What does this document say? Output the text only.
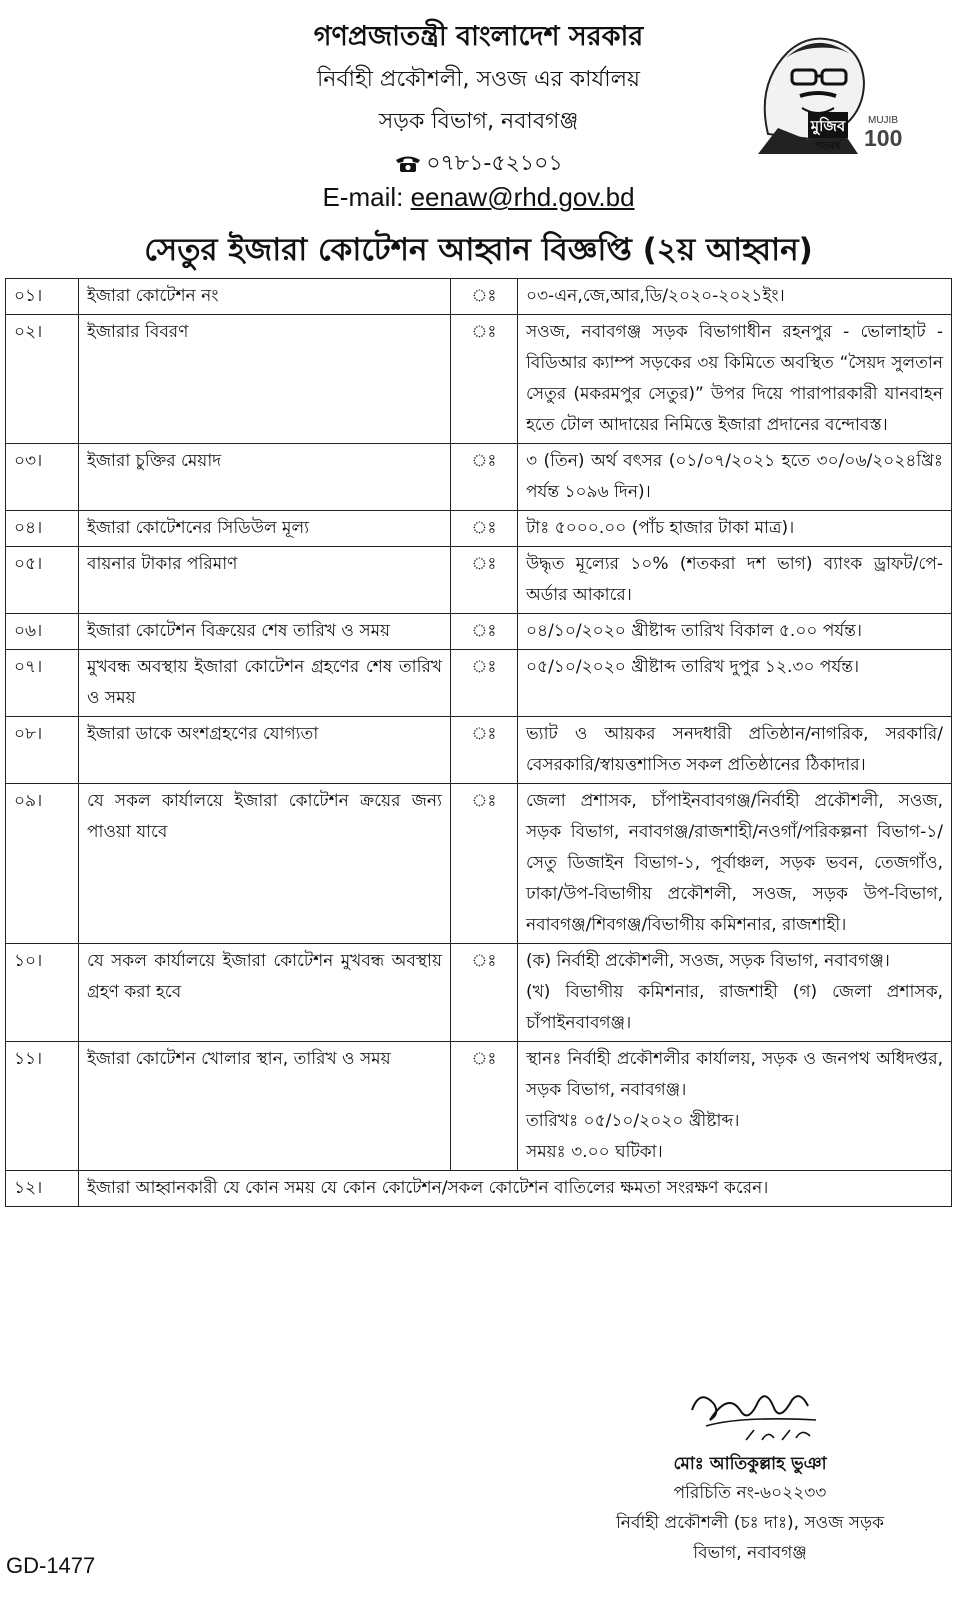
গণপ্রজাতন্ত্রী বাংলাদেশ সরকার
নির্বাহী প্রকৌশলী, সওজ এর কার্যালয়
সড়ক বিভাগ, নবাবগঞ্জ
০৭৮১-৫২১০১
E-mail: eenaw@rhd.gov.bd
সেতুর ইজারা কোটেশন আহ্বান বিজ্ঞপ্তি (২য় আহ্বান)
মুজিব
শতবর্ষ
MUJIB
100
০১।	ইজারা কোটেশন নং	ঃ	০৩-এন,জে,আর,ডি/২০২০-২০২১ইং।

০২।	ইজারার বিবরণ	ঃ	সওজ, নবাবগঞ্জ সড়ক বিভাগাধীন রহনপুর - ভোলাহাট - বিডিআর ক্যাম্প সড়কের ৩য় কিমিতে অবস্থিত “সৈয়দ সুলতান সেতুর (মকরমপুর সেতুর)” উপর দিয়ে পারাপারকারী যানবাহন হতে টোল আদায়ের নিমিত্তে ইজারা প্রদানের বন্দোবস্ত।

০৩।	ইজারা চুক্তির মেয়াদ	ঃ	৩ (তিন) অর্থ বৎসর (০১/০৭/২০২১ হতে ৩০/০৬/২০২৪খ্রিঃ পর্যন্ত ১০৯৬ দিন)।

০৪।	ইজারা কোটেশনের সিডিউল মূল্য	ঃ	টাঃ ৫০০০.০০ (পাঁচ হাজার টাকা মাত্র)।

০৫।	বায়নার টাকার পরিমাণ	ঃ	উদ্ধৃত মূল্যের ১০% (শতকরা দশ ভাগ) ব্যাংক ড্রাফট/পে-অর্ডার আকারে।

০৬।	ইজারা কোটেশন বিক্রয়ের শেষ তারিখ ও সময়	ঃ	০৪/১০/২০২০ খ্রীষ্টাব্দ তারিখ বিকাল ৫.০০ পর্যন্ত।

০৭।	মুখবন্ধ অবস্থায় ইজারা কোটেশন গ্রহণের শেষ তারিখ ও সময়	ঃ	০৫/১০/২০২০ খ্রীষ্টাব্দ তারিখ দুপুর ১২.৩০ পর্যন্ত।

০৮।	ইজারা ডাকে অংশগ্রহণের যোগ্যতা	ঃ	ভ্যাট ও আয়কর সনদধারী প্রতিষ্ঠান/নাগরিক, সরকারি/বেসরকারি/স্বায়ত্তশাসিত সকল প্রতিষ্ঠানের ঠিকাদার।

০৯।	যে সকল কার্যালয়ে ইজারা কোটেশন ক্রয়ের জন্য পাওয়া যাবে	ঃ	জেলা প্রশাসক, চাঁপাইনবাবগঞ্জ/নির্বাহী প্রকৌশলী, সওজ, সড়ক বিভাগ, নবাবগঞ্জ/রাজশাহী/নওগাঁ/পরিকল্পনা বিভাগ-১/সেতু ডিজাইন বিভাগ-১, পূর্বাঞ্চল, সড়ক ভবন, তেজগাঁও, ঢাকা/উপ-বিভাগীয় প্রকৌশলী, সওজ, সড়ক উপ-বিভাগ, নবাবগঞ্জ/শিবগঞ্জ/বিভাগীয় কমিশনার, রাজশাহী।

১০।	যে সকল কার্যালয়ে ইজারা কোটেশন মুখবন্ধ অবস্থায় গ্রহণ করা হবে	ঃ	(ক) নির্বাহী প্রকৌশলী, সওজ, সড়ক বিভাগ, নবাবগঞ্জ।
(খ) বিভাগীয় কমিশনার, রাজশাহী (গ) জেলা প্রশাসক, চাঁপাইনবাবগঞ্জ।

১১।	ইজারা কোটেশন খোলার স্থান, তারিখ ও সময়	ঃ	স্থানঃ নির্বাহী প্রকৌশলীর কার্যালয়, সড়ক ও জনপথ অধিদপ্তর, সড়ক বিভাগ, নবাবগঞ্জ।
তারিখঃ ০৫/১০/২০২০ খ্রীষ্টাব্দ।
সময়ঃ ৩.০০ ঘটিকা।

১২।	ইজারা আহ্বানকারী যে কোন সময় যে কোন কোটেশন/সকল কোটেশন বাতিলের ক্ষমতা সংরক্ষণ করেন।		
মোঃ আতিকুল্লাহ ভুঞা
পরিচিতি নং-৬০২২৩৩
নির্বাহী প্রকৌশলী (চঃ দাঃ), সওজ সড়ক
বিভাগ, নবাবগঞ্জ
GD-1477
